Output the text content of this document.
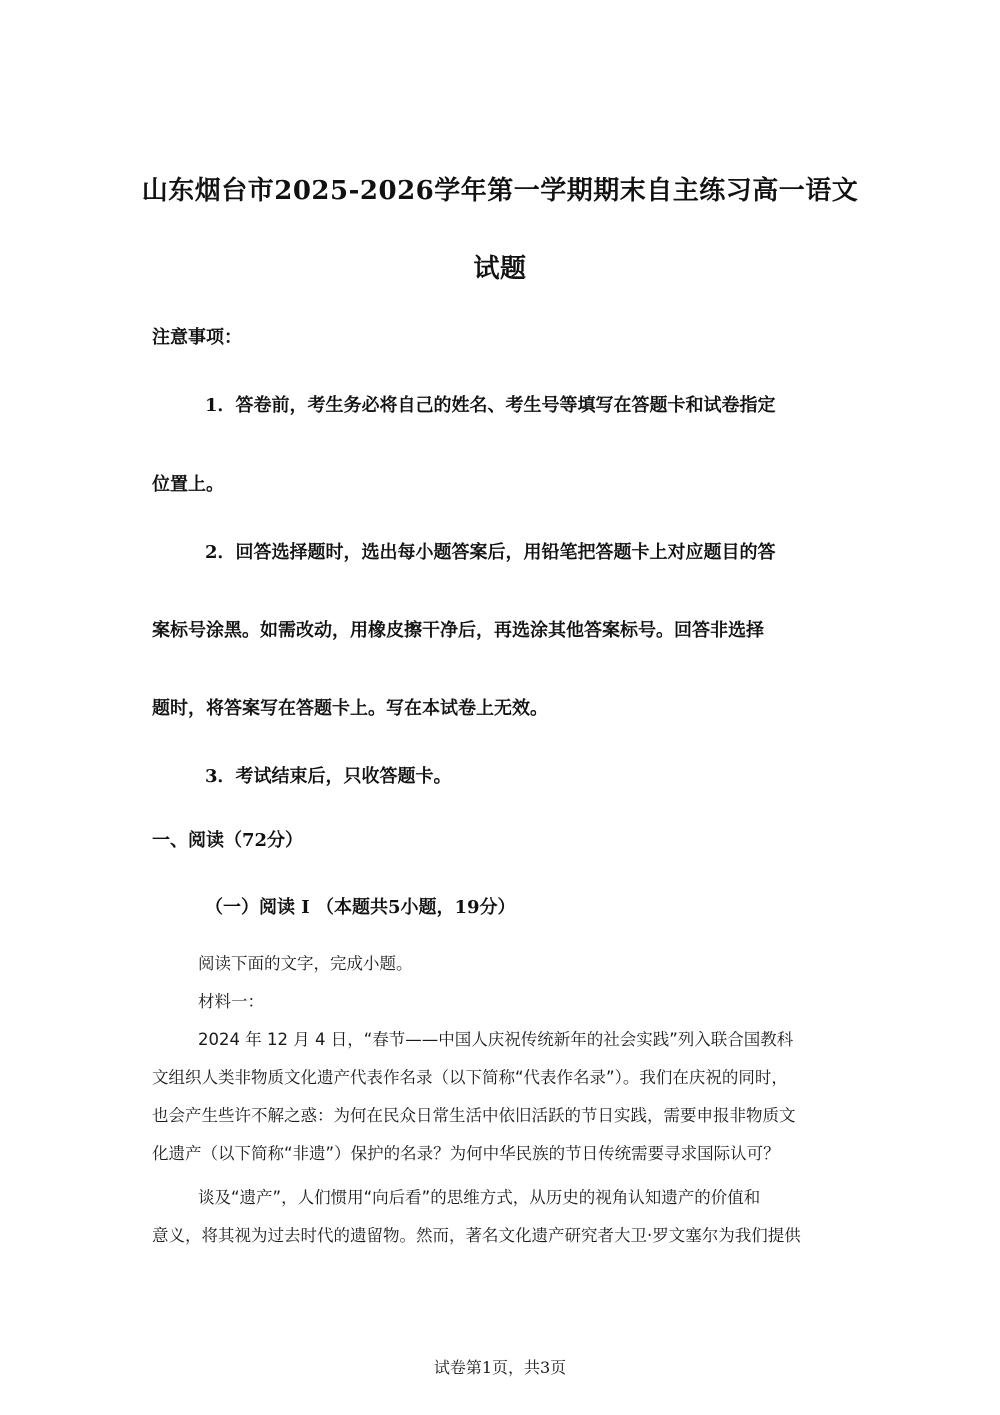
山东烟台市2025-2026学年第一学期期末自主练习高一语文
试题
注意事项：
1．答卷前，考生务必将自己的姓名、考生号等填写在答题卡和试卷指定
位置上。
2．回答选择题时，选出每小题答案后，用铅笔把答题卡上对应题目的答
案标号涂黑。如需改动，用橡皮擦干净后，再选涂其他答案标号。回答非选择
题时，将答案写在答题卡上。写在本试卷上无效。
3．考试结束后，只收答题卡。
一、阅读（72分）
（一）阅读 I （本题共5小题，19分）
阅读下面的文字，完成小题。
材料一：
2024 年 12 月 4 日，“春节——中国人庆祝传统新年的社会实践”列入联合国教科
文组织人类非物质文化遗产代表作名录（以下简称“代表作名录”）。我们在庆祝的同时，
也会产生些许不解之惑：为何在民众日常生活中依旧活跃的节日实践，需要申报非物质文
化遗产（以下简称“非遗”）保护的名录？为何中华民族的节日传统需要寻求国际认可？
谈及“遗产”，人们惯用“向后看”的思维方式，从历史的视角认知遗产的价值和
意义，将其视为过去时代的遗留物。然而，著名文化遗产研究者大卫·罗文塞尔为我们提供
试卷第1页，共3页
